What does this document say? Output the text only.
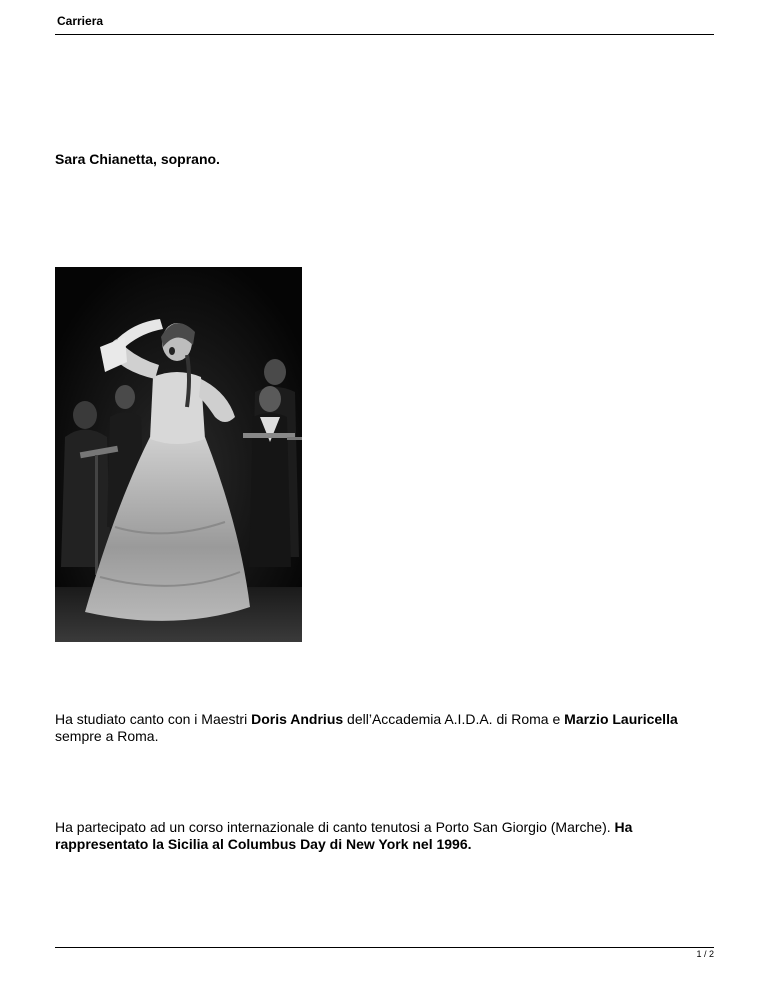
Carriera
Sara Chianetta, soprano.
Ha studiato canto con i Maestri Doris Andrius dell’Accademia A.I.D.A. di Roma e Marzio Lauricella
sempre a Roma.
Ha partecipato ad un corso internazionale di canto tenutosi a Porto San Giorgio (Marche). Ha rappresentato la Sicilia al Columbus Day di New York nel 1996.
1 / 2
